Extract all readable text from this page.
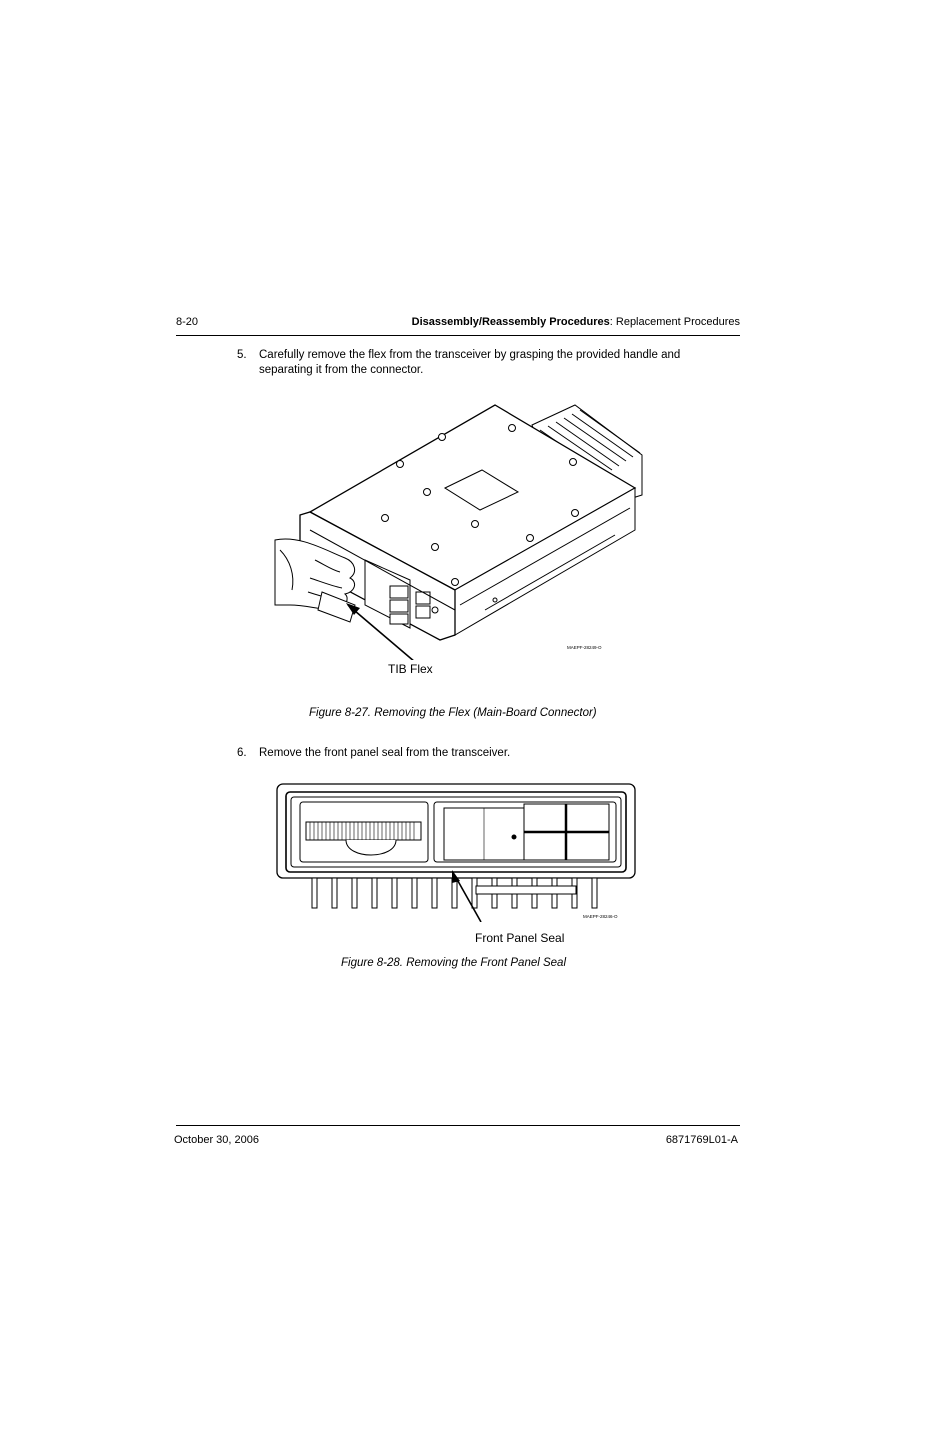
8-20	Disassembly/Reassembly Procedures: Replacement Procedures
5. Carefully remove the flex from the transceiver by grasping the provided handle and separating it from the connector.
MAEPF-28249-O
TIB Flex
Figure 8-27. Removing the Flex (Main-Board Connector)
6. Remove the front panel seal from the transceiver.
MAEPF-28246-O
Front Panel Seal
Figure 8-28. Removing the Front Panel Seal
October 30, 2006	6871769L01-A
